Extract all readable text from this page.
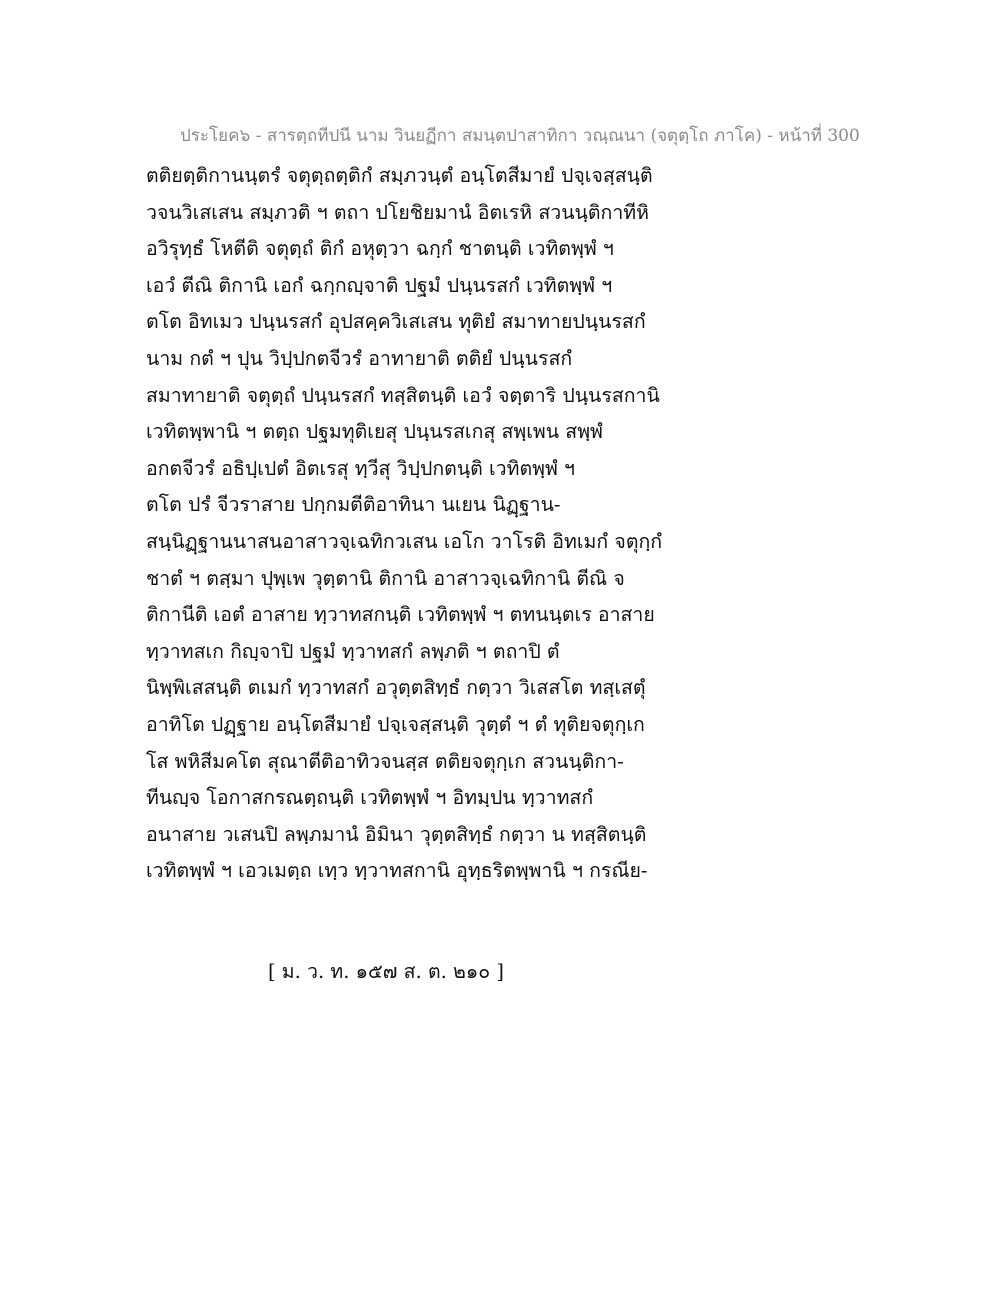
ประโยค๖ - สารตฺถทีปนี นาม วินยฏีกา สมนฺตปาสาทิกา วณฺณนา (จตุตฺโถ ภาโค) - หน้าที่ 300
ตติยตฺติกานนฺตรํ จตุตฺถตฺติกํ สมฺภวนฺตํ อนฺโตสีมายํ ปจฺเจสฺสนฺติ
วจนวิเสเสน สมฺภวติ ฯ ตถา ปโยชิยมานํ อิตเรหิ สวนนฺติกาทีหิ
อวิรุทฺธํ โหตีติ จตุตฺถํ ติกํ อหุตฺวา ฉกฺกํ ชาตนฺติ เวทิตพฺพํ ฯ
เอวํ ตีณิ ติกานิ เอกํ ฉกฺกญฺจาติ ปฐมํ ปนฺนรสกํ เวทิตพฺพํ ฯ
ตโต อิทเมว ปนฺนรสกํ อุปสคฺควิเสเสน ทุติยํ สมาทายปนฺนรสกํ
นาม กตํ ฯ ปุน วิปฺปกตจีวรํ อาทายาติ ตติยํ ปนฺนรสกํ
สมาทายาติ จตุตฺถํ ปนฺนรสกํ ทสฺสิตนฺติ เอวํ จตฺตาริ ปนฺนรสกานิ
เวทิตพฺพานิ ฯ ตตฺถ ปฐมทุติเยสุ ปนฺนรสเกสุ สพฺเพน สพฺพํ
อกตจีวรํ อธิปฺเปตํ อิตเรสุ ทฺวีสุ วิปฺปกตนฺติ เวทิตพฺพํ ฯ
ตโต ปรํ จีวราสาย ปกฺกมตีติอาทินา นเยน นิฏฺฐาน-
สนฺนิฏฺฐานนาสนอาสาวจฺเฉทิกวเสน เอโก วาโรติ อิทเมกํ จตุกฺกํ
ชาตํ ฯ ตสฺมา ปุพฺเพ วุตฺตานิ ติกานิ อาสาวจฺเฉทิกานิ ตีณิ จ
ติกานีติ เอตํ อาสาย ทฺวาทสกนฺติ เวทิตพฺพํ ฯ ตทนนฺตเร อาสาย
ทฺวาทสเก กิญฺจาปิ ปฐมํ ทฺวาทสกํ ลพฺภติ ฯ ตถาปิ ตํ
นิพฺพิเสสนฺติ ตเมกํ ทฺวาทสกํ อวุตฺตสิทฺธํ กตฺวา วิเสสโต ทสฺเสตุํ
อาทิโต ปฏฺฐาย อนฺโตสีมายํ ปจฺเจสฺสนฺติ วุตฺตํ ฯ ตํ ทุติยจตุกฺเก
โส พหิสีมคโต สุณาตีติอาทิวจนสฺส ตติยจตุกฺเก สวนนฺติกา-
ทีนญฺจ โอกาสกรณตฺถนฺติ เวทิตพฺพํ ฯ อิทมฺปน ทฺวาทสกํ
อนาสาย วเสนปิ ลพฺภมานํ อิมินา วุตฺตสิทฺธํ กตฺวา น ทสฺสิตนฺติ
เวทิตพฺพํ ฯ เอวเมตฺถ เทฺว ทฺวาทสกานิ อุทฺธริตพฺพานิ ฯ กรณีย-
[ ม. ว. ท. ๑๕๗ ส. ต. ๒๑๐ ]
